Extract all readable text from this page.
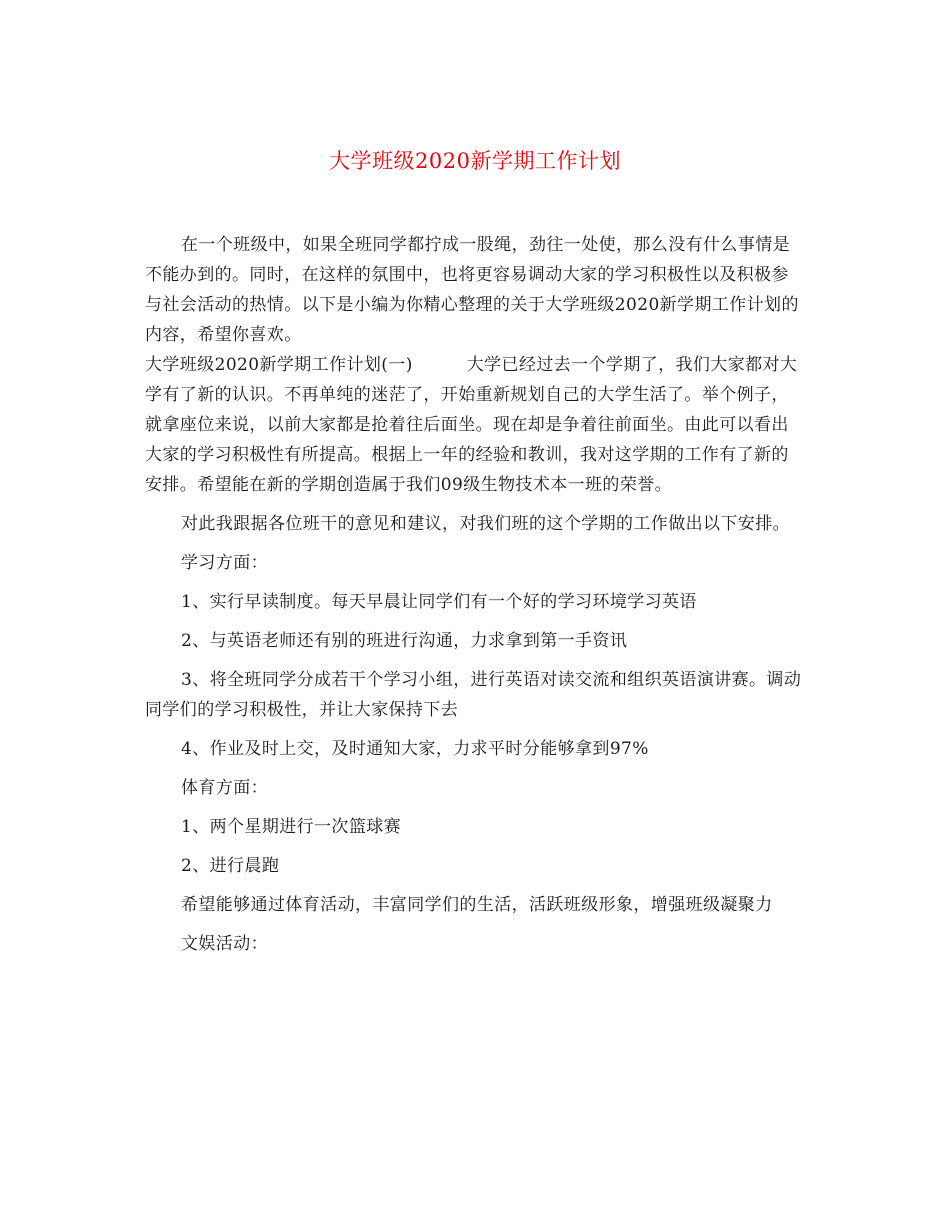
大学班级2020新学期工作计划

在一个班级中，如果全班同学都拧成一股绳，劲往一处使，那么没有什么事情是不能办到的。同时，在这样的氛围中，也将更容易调动大家的学习积极性以及积极参与社会活动的热情。以下是小编为你精心整理的关于大学班级2020新学期工作计划的内容，希望你喜欢。

大学班级2020新学期工作计划(一)	大学已经过去一个学期了，我们大家都对大学有了新的认识。不再单纯的迷茫了，开始重新规划自己的大学生活了。举个例子，就拿座位来说，以前大家都是抢着往后面坐。现在却是争着往前面坐。由此可以看出大家的学习积极性有所提高。根据上一年的经验和教训，我对这学期的工作有了新的安排。希望能在新的学期创造属于我们09级生物技术本一班的荣誉。

对此我跟据各位班干的意见和建议，对我们班的这个学期的工作做出以下安排。

学习方面：

1、实行早读制度。每天早晨让同学们有一个好的学习环境学习英语

2、与英语老师还有别的班进行沟通，力求拿到第一手资讯

3、将全班同学分成若干个学习小组，进行英语对读交流和组织英语演讲赛。调动同学们的学习积极性，并让大家保持下去

4、作业及时上交，及时通知大家，力求平时分能够拿到97%

体育方面：

1、两个星期进行一次篮球赛

2、进行晨跑

希望能够通过体育活动，丰富同学们的生活，活跃班级形象，增强班级凝聚力

文娱活动：
